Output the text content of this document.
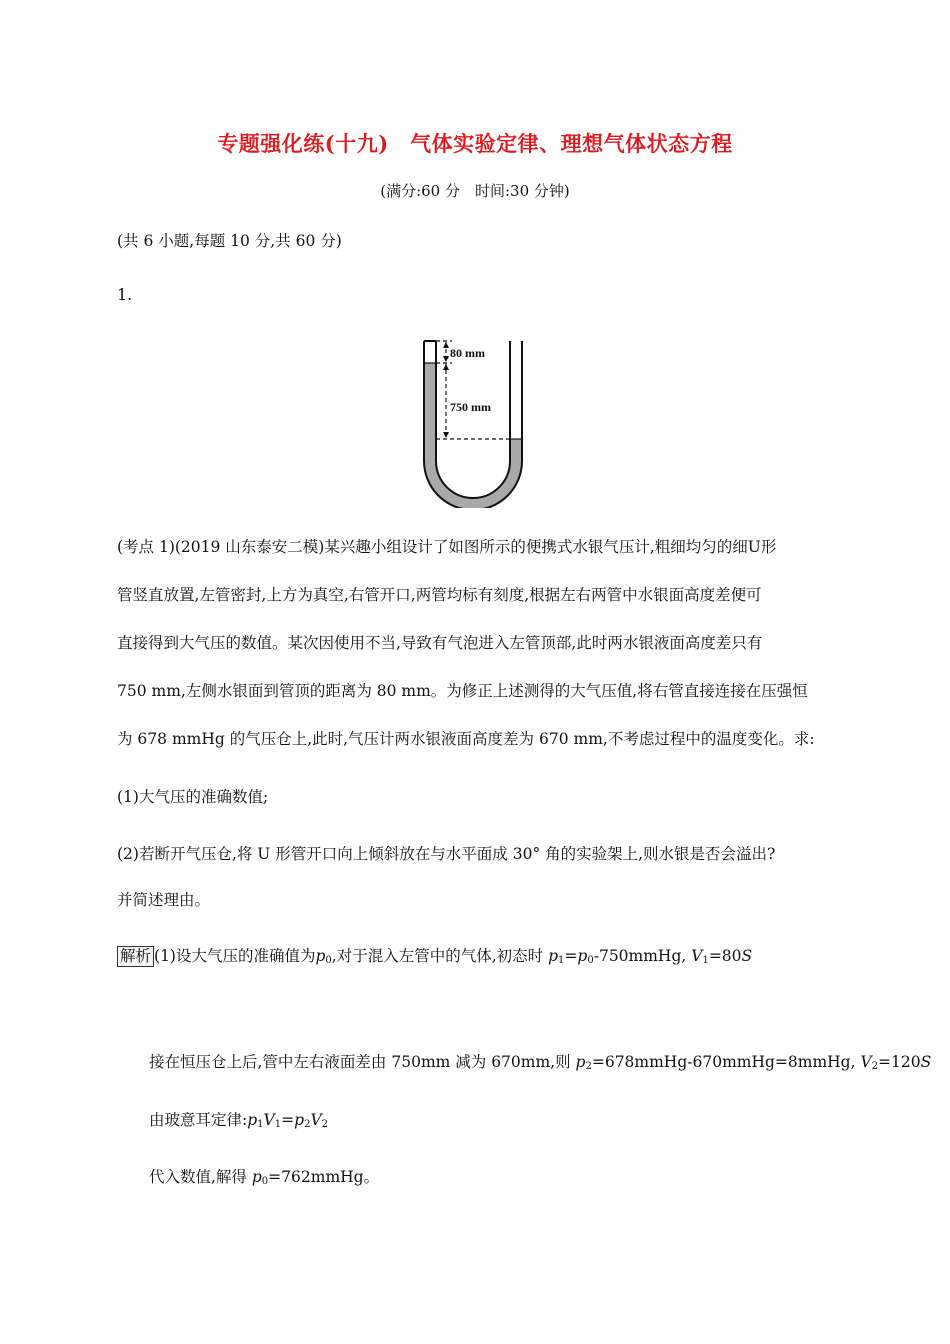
专题强化练(十九)　气体实验定律、理想气体状态方程
(满分:60 分　时间:30 分钟)
(共 6 小题,每题 10 分,共 60 分)
1.
80 mm
750 mm
(考点 1)(2019 山东泰安二模)某兴趣小组设计了如图所示的便携式水银气压计,粗细均匀的细U形
管竖直放置,左管密封,上方为真空,右管开口,两管均标有刻度,根据左右两管中水银面高度差便可
直接得到大气压的数值。某次因使用不当,导致有气泡进入左管顶部,此时两水银液面高度差只有
750 mm,左侧水银面到管顶的距离为 80 mm。为修正上述测得的大气压值,将右管直接连接在压强恒
为 678 mmHg 的气压仓上,此时,气压计两水银液面高度差为 670 mm,不考虑过程中的温度变化。求:
(1)大气压的准确数值;
(2)若断开气压仓,将 U 形管开口向上倾斜放在与水平面成 30° 角的实验架上,则水银是否会溢出?
并简述理由。
解析 (1)设大气压的准确值为$p_0$,对于混入左管中的气体,初态时 $p_1=p_0-750mmHg$, $V_1=80S$
接在恒压仓上后,管中左右液面差由 750mm 减为 670mm,则 $p_2=678mmHg-670mmHg=8mmHg$, $V_2=120S$
由玻意耳定律$:p_1V_1=p_2V_2$
代入数值,解得 $p_0=762mmHg$。
